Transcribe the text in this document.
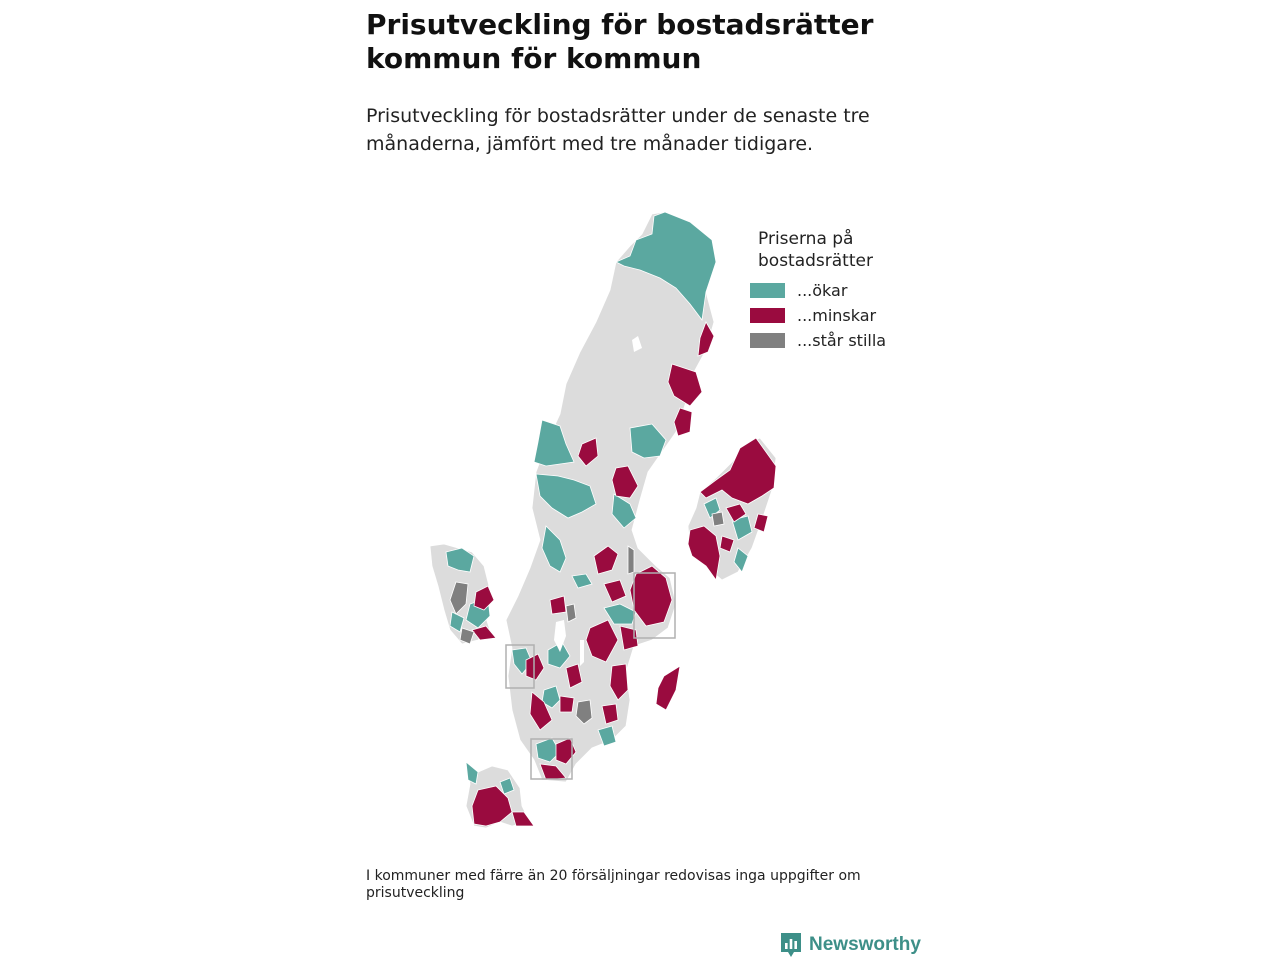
Prisutveckling för bostadsrätter
kommun för kommun

Prisutveckling för bostadsrätter under de senaste tre månaderna, jämfört med tre månader tidigare.

Priserna på
bostadsrätter

...ökar
...minskar
...står stilla

I kommuner med färre än 20 försäljningar redovisas inga uppgifter om prisutveckling

Newsworthy
